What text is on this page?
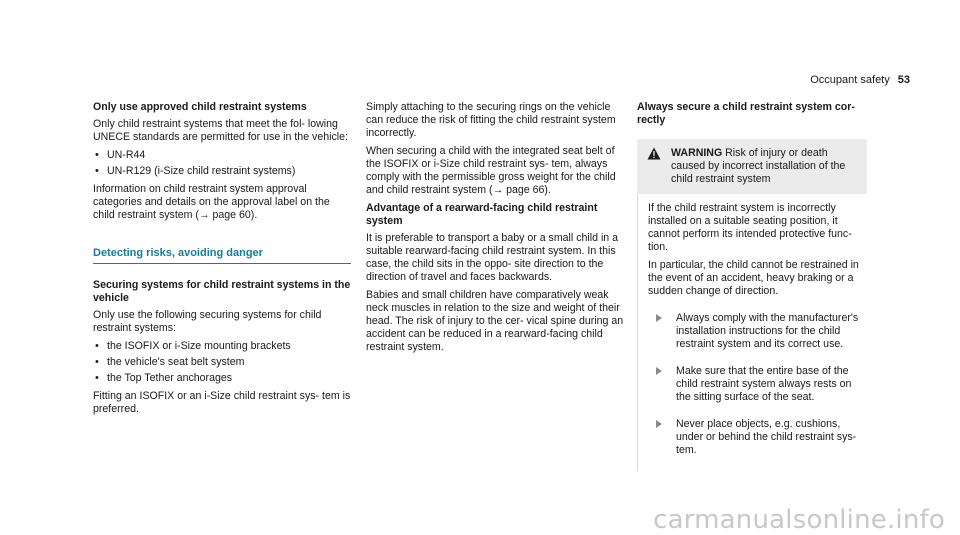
Occupant safety 53
Only use approved child restraint systems

Only child restraint systems that meet the fol‐ lowing UNECE standards are permitted for use in the vehicle:

• UN-R44
• UN-R129 (i-Size child restraint systems)

Information on child restraint system approval categories and details on the approval label on the child restraint system (→ page 60).

Detecting risks, avoiding danger
Securing systems for child restraint systems in the vehicle

Only use the following securing systems for child restraint systems:

• the ISOFIX or i-Size mounting brackets
• the vehicle's seat belt system
• the Top Tether anchorages

Fitting an ISOFIX or an i-Size child restraint sys‐ tem is preferred.

Simply attaching to the securing rings on the vehicle can reduce the risk of fitting the child restraint system incorrectly.

When securing a child with the integrated seat belt of the ISOFIX or i-Size child restraint sys‐ tem, always comply with the permissible gross weight for the child and child restraint system (→ page 66).

Advantage of a rearward-facing child restraint system

It is preferable to transport a baby or a small child in a suitable rearward-facing child restraint system. In this case, the child sits in the oppo‐ site direction to the direction of travel and faces backwards.

Babies and small children have comparatively weak neck muscles in relation to the size and weight of their head. The risk of injury to the cer‐ vical spine during an accident can be reduced in a rearward-facing child restraint system.

Always secure a child restraint system cor‐ rectly
WARNING Risk of injury or death caused by incorrect installation of the child restraint system

If the child restraint system is incorrectly installed on a suitable seating position, it cannot perform its intended protective func‐ tion.

In particular, the child cannot be restrained in the event of an accident, heavy braking or a sudden change of direction.

Always comply with the manufacturer's installation instructions for the child restraint system and its correct use.
Make sure that the entire base of the child restraint system always rests on the sitting surface of the seat.
Never place objects, e.g. cushions, under or behind the child restraint sys‐ tem.
carmanualsonline.info
